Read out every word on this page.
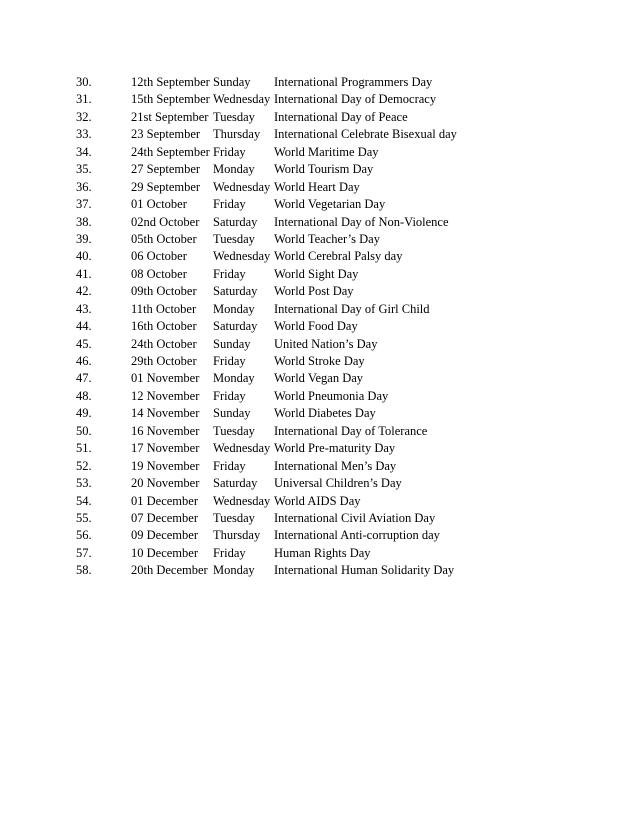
30.	12th September Sunday International Programmers Day
31.	15th September Wednesday International Day of Democracy
32.	21st September Tuesday International Day of Peace
33.	23 September Thursday International Celebrate Bisexual day
34.	24th September Friday World Maritime Day
35.	27 September Monday World Tourism Day
36.	29 September Wednesday World Heart Day
37.	01 October Friday World Vegetarian Day
38.	02nd October Saturday International Day of Non-Violence
39.	05th October Tuesday World Teacher’s Day
40.	06 October Wednesday World Cerebral Palsy day
41.	08 October Friday World Sight Day
42.	09th October Saturday World Post Day
43.	11th October Monday International Day of Girl Child
44.	16th October Saturday World Food Day
45.	24th October Sunday United Nation’s Day
46.	29th October Friday World Stroke Day
47.	01 November Monday World Vegan Day
48.	12 November Friday World Pneumonia Day
49.	14 November Sunday World Diabetes Day
50.	16 November Tuesday International Day of Tolerance
51.	17 November Wednesday World Pre-maturity Day
52.	19 November Friday International Men’s Day
53.	20 November Saturday Universal Children’s Day
54.	01 December Wednesday World AIDS Day
55.	07 December Tuesday International Civil Aviation Day
56.	09 December Thursday International Anti-corruption day
57.	10 December Friday Human Rights Day
58.	20th December Monday International Human Solidarity Day
